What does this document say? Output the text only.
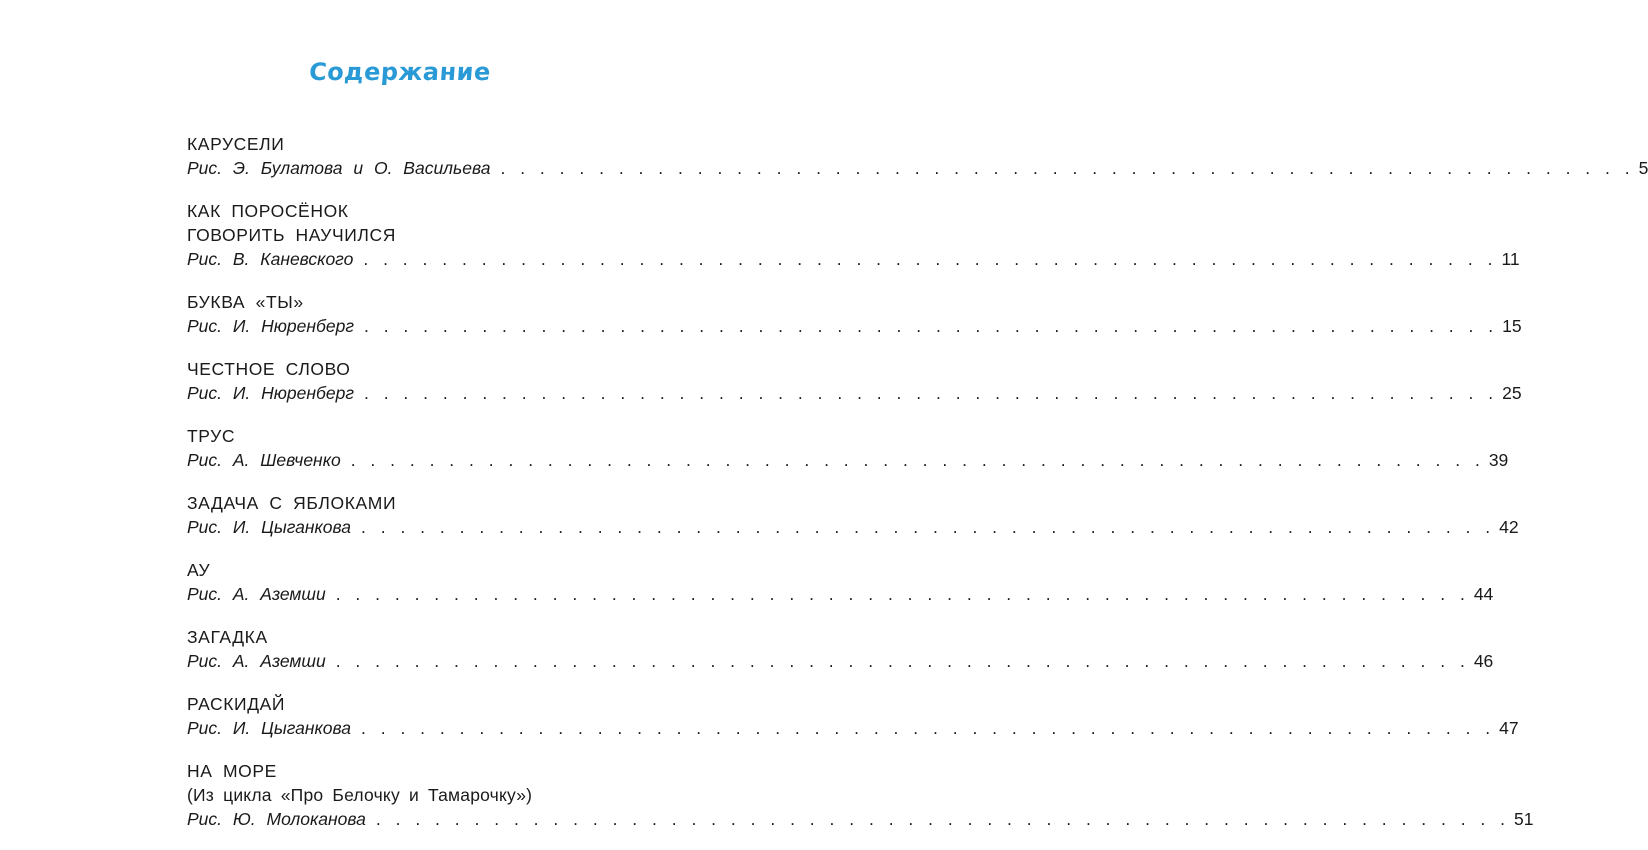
Содержание
КАРУСЕЛИ
Рис. Э. Булатова и О. Васильева . . . . . . . . . . . . . . . . . . . . . . . . . . . . . . . . . . . . . . . . . . . . . . . . . . . . . . . . . . 5
КАК ПОРОСЁНОК
ГОВОРИТЬ НАУЧИЛСЯ
Рис. В. Каневского . . . . . . . . . . . . . . . . . . . . . . . . . . . . . . . . . . . . . . . . . . . . . . . . . . . . . . . . . . 11
БУКВА «ТЫ»
Рис. И. Нюренберг . . . . . . . . . . . . . . . . . . . . . . . . . . . . . . . . . . . . . . . . . . . . . . . . . . . . . . . . . . 15
ЧЕСТНОЕ СЛОВО
Рис. И. Нюренберг . . . . . . . . . . . . . . . . . . . . . . . . . . . . . . . . . . . . . . . . . . . . . . . . . . . . . . . . . . 25
ТРУС
Рис. А. Шевченко . . . . . . . . . . . . . . . . . . . . . . . . . . . . . . . . . . . . . . . . . . . . . . . . . . . . . . . . . . 39
ЗАДАЧА С ЯБЛОКАМИ
Рис. И. Цыганкова . . . . . . . . . . . . . . . . . . . . . . . . . . . . . . . . . . . . . . . . . . . . . . . . . . . . . . . . . . 42
АУ
Рис. А. Аземши . . . . . . . . . . . . . . . . . . . . . . . . . . . . . . . . . . . . . . . . . . . . . . . . . . . . . . . . . . 44
ЗАГАДКА
Рис. А. Аземши . . . . . . . . . . . . . . . . . . . . . . . . . . . . . . . . . . . . . . . . . . . . . . . . . . . . . . . . . . 46
РАСКИДАЙ
Рис. И. Цыганкова . . . . . . . . . . . . . . . . . . . . . . . . . . . . . . . . . . . . . . . . . . . . . . . . . . . . . . . . . . 47
НА МОРЕ
(Из цикла «Про Белочку и Тамарочку»)
Рис. Ю. Молоканова . . . . . . . . . . . . . . . . . . . . . . . . . . . . . . . . . . . . . . . . . . . . . . . . . . . . . . . . . . 51
